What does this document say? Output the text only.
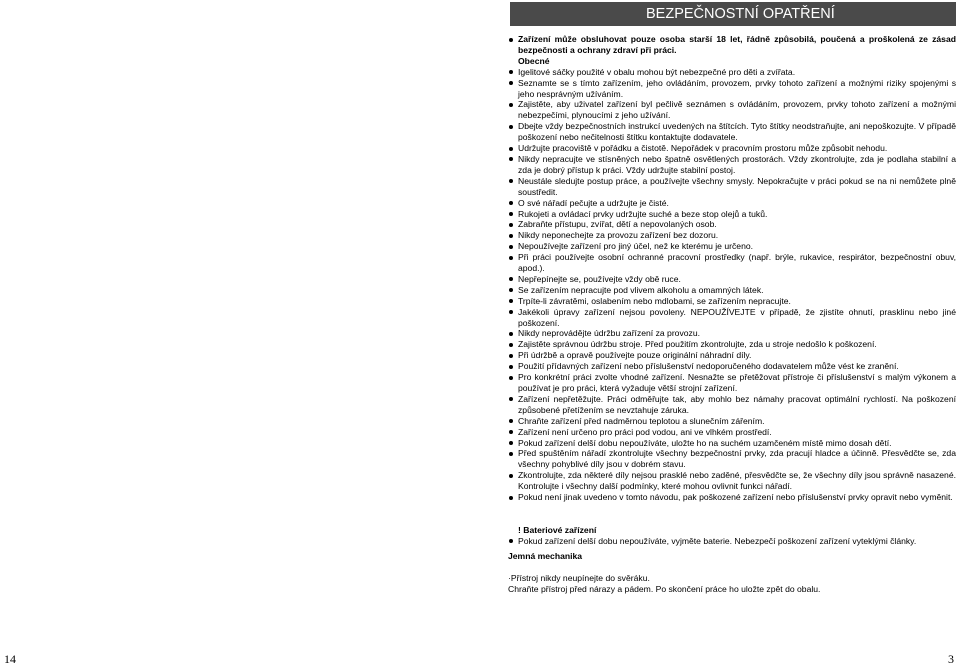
BEZPEČNOSTNÍ OPATŘENÍ
Zařízení může obsluhovat pouze osoba starší 18 let, řádně způsobilá, poučená a proškolená ze zásad bezpečnosti a ochrany zdraví při práci.
Obecné
Igelitové sáčky použité v obalu mohou být nebezpečné pro děti a zvířata.
Seznamte se s tímto zařízením, jeho ovládáním, provozem, prvky tohoto zařízení a možnými riziky spojenými s jeho nesprávným užíváním.
Zajistěte, aby uživatel zařízení byl pečlivě seznámen s ovládáním, provozem, prvky tohoto zařízení a možnými nebezpečími, plynoucími z jeho užívání.
Dbejte vždy bezpečnostních instrukcí uvedených na štítcích. Tyto štítky neodstraňujte, ani nepoškozujte. V případě poškození nebo nečitelnosti štítku kontaktujte dodavatele.
Udržujte pracoviště v pořádku a čistotě. Nepořádek v pracovním prostoru může způsobit nehodu.
Nikdy nepracujte ve stísněných nebo špatně osvětlených prostorách. Vždy zkontrolujte, zda je podlaha stabilní a zda je dobrý přístup k práci. Vždy udržujte stabilní postoj.
Neustále sledujte postup práce, a používejte všechny smysly. Nepokračujte v práci pokud se na ni nemůžete plně soustředit.
O své nářadí pečujte a udržujte je čisté.
Rukojeti a ovládací prvky udržujte suché a beze stop olejů a tuků.
Zabraňte přístupu, zvířat, dětí a nepovolaných osob.
Nikdy neponechejte za provozu zařízení bez dozoru.
Nepoužívejte zařízení pro jiný účel, než ke kterému je určeno.
Při práci používejte osobní ochranné pracovní prostředky (např. brýle, rukavice, respirátor, bezpečnostní obuv, apod.).
Nepřepínejte se, používejte vždy obě ruce.
Se zařízením nepracujte pod vlivem alkoholu a omamných látek.
Trpíte-li závratěmi, oslabením nebo mdlobami, se zařízením nepracujte.
Jakékoli úpravy zařízení nejsou povoleny. NEPOUŽÍVEJTE v případě, že zjistíte ohnutí, prasklinu nebo jiné poškození.
Nikdy neprovádějte údržbu zařízení za provozu.
Zajistěte správnou údržbu stroje. Před použitím zkontrolujte, zda u stroje nedošlo k poškození.
Při údržbě a opravě používejte pouze originální náhradní díly.
Použití přídavných zařízení nebo příslušenství nedoporučeného dodavatelem může vést ke zranění.
Pro konkrétní práci zvolte vhodné zařízení. Nesnažte se přetěžovat přístroje či příslušenství s malým výkonem a používat je pro práci, která vyžaduje větší strojní zařízení.
Zařízení nepřetěžujte. Práci odměřujte tak, aby mohlo bez námahy pracovat optimální rychlostí. Na poškození způsobené přetížením se nevztahuje záruka.
Chraňte zařízení před nadměrnou teplotou a slunečním zářením.
Zařízení není určeno pro práci pod vodou, ani ve vlhkém prostředí.
Pokud zařízení delší dobu nepoužíváte, uložte ho na suchém uzamčeném místě mimo dosah dětí.
Před spuštěním nářadí zkontrolujte všechny bezpečnostní prvky, zda pracují hladce a účinně. Přesvědčte se, zda všechny pohyblivé díly jsou v dobrém stavu.
Zkontrolujte, zda některé díly nejsou prasklé nebo zaděné, přesvědčte se, že všechny díly jsou správně nasazené. Kontrolujte i všechny další podmínky, které mohou ovlivnit funkci nářadí.
Pokud není jinak uvedeno v tomto návodu, pak poškozené zařízení nebo příslušenství prvky opravit nebo vyměnit.
! Bateriové zařízení
Pokud zařízení delší dobu nepoužíváte, vyjměte baterie. Nebezpečí poškození zařízení vyteklými články.
Jemná mechanika
·Přístroj nikdy neupínejte do svěráku.
Chraňte přístroj před nárazy a pádem. Po skončení práce ho uložte zpět do obalu.
14	3
